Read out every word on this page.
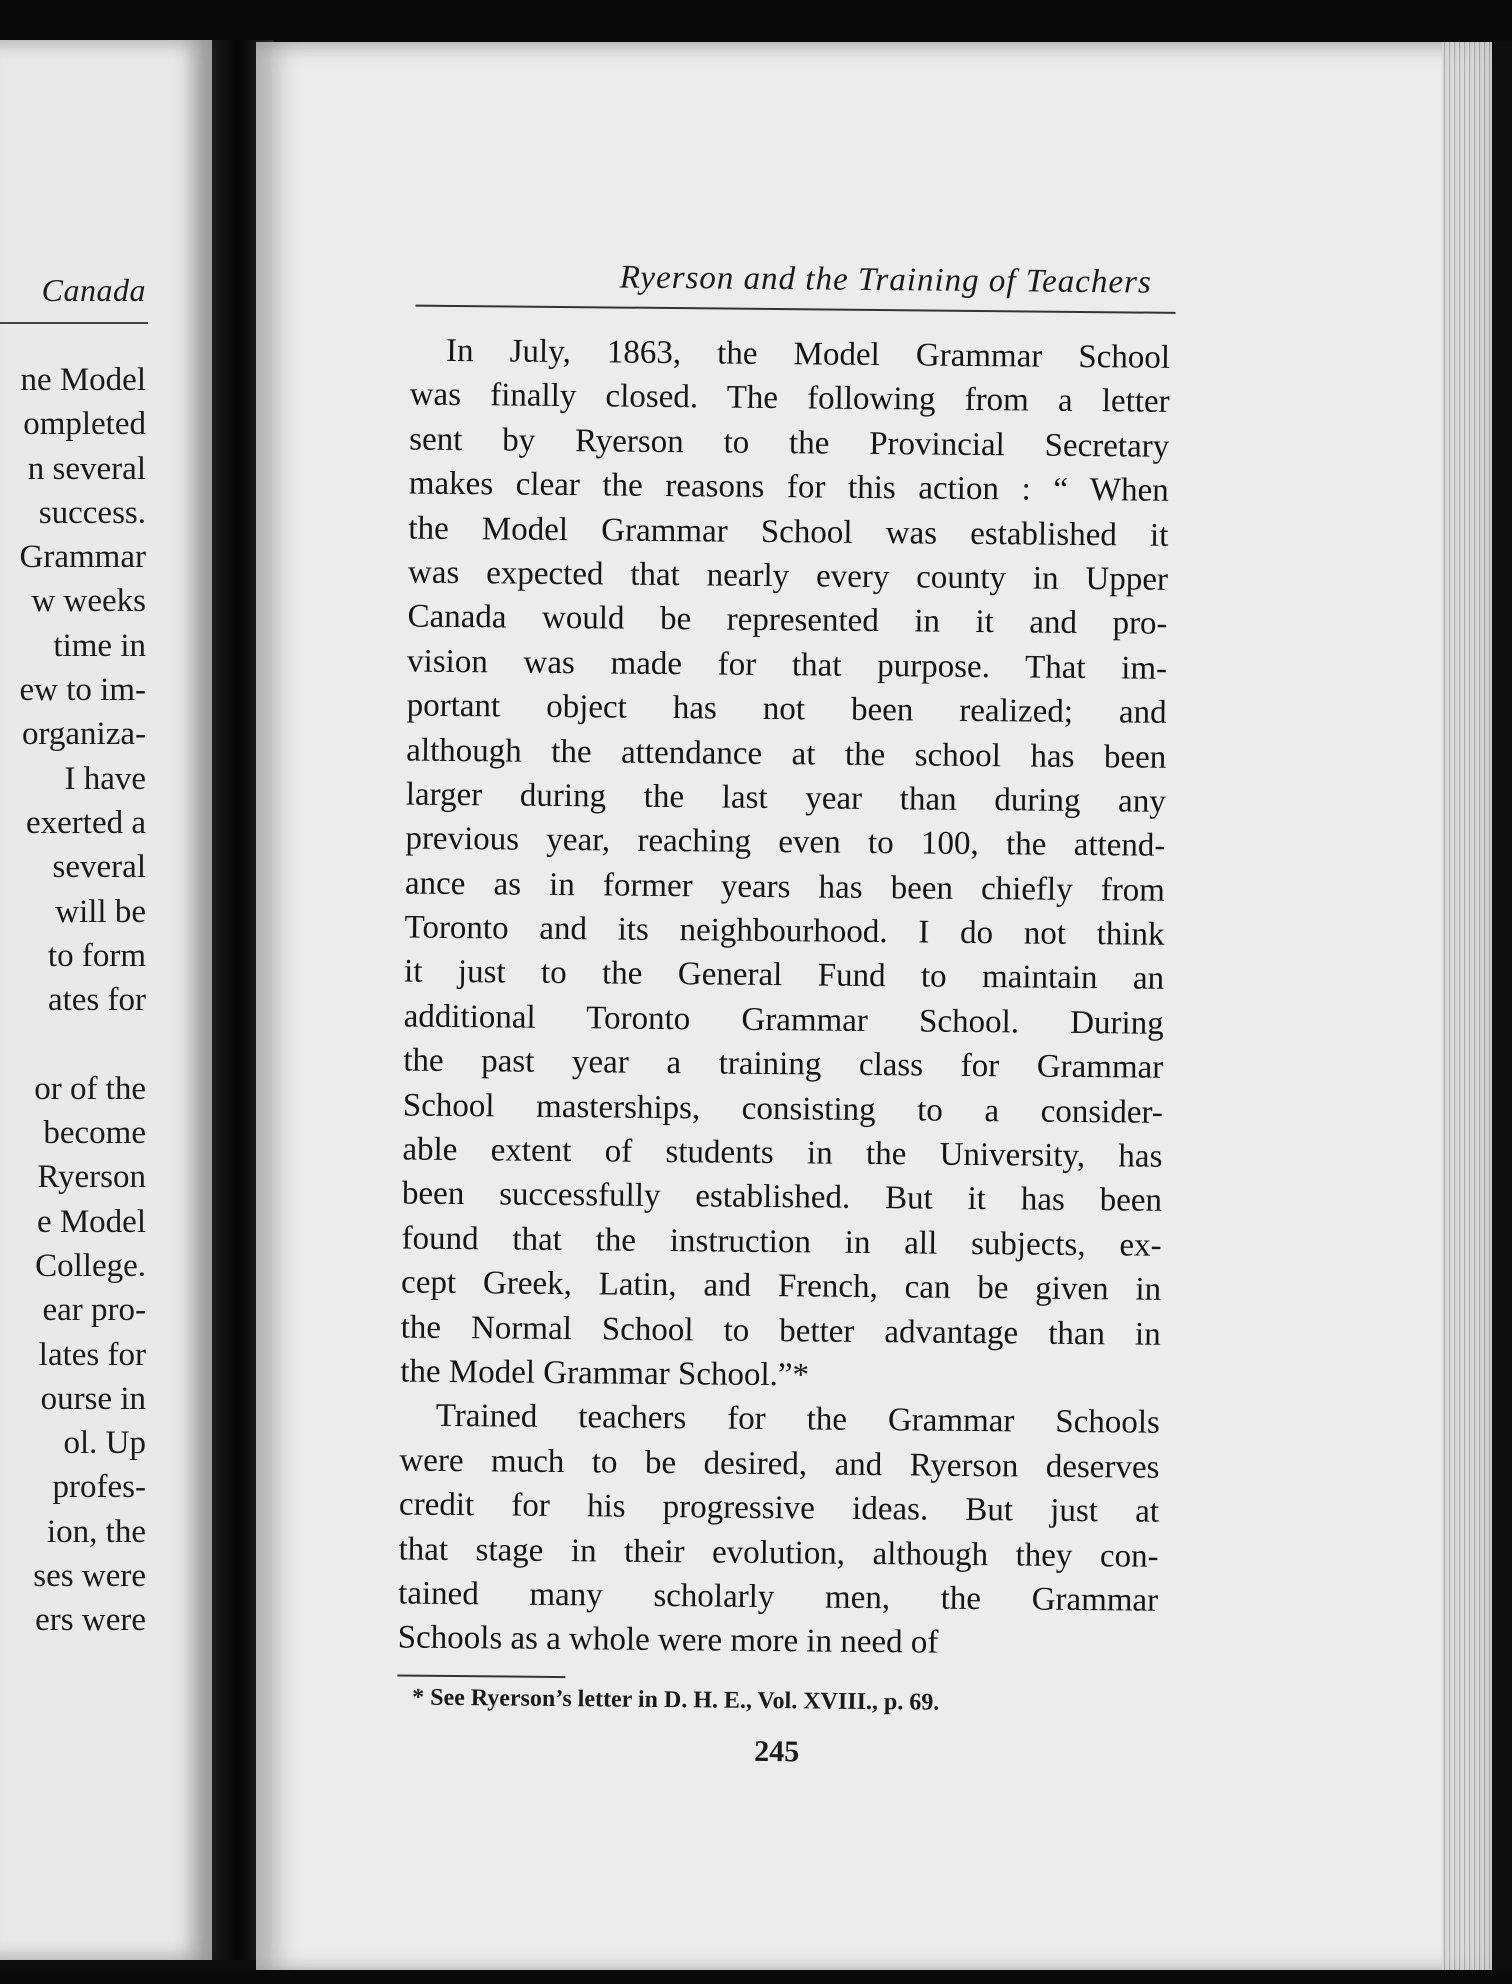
Canada
ne Model
ompleted
n several
success.
Grammar
w weeks
time in
ew to im-
organiza-
I have
exerted a
several
will be
to form
ates for
or of the
become
Ryerson
e Model
College.
ear pro-
lates for
ourse in
ol. Up
profes-
ion, the
ses were
ers were
Ryerson and the Training of Teachers
In July, 1863, the Model Grammar School
was finally closed. The following from a letter
sent by Ryerson to the Provincial Secretary
makes clear the reasons for this action : “ When
the Model Grammar School was established it
was expected that nearly every county in Upper
Canada would be represented in it and pro-
vision was made for that purpose. That im-
portant object has not been realized; and
although the attendance at the school has been
larger during the last year than during any
previous year, reaching even to 100, the attend-
ance as in former years has been chiefly from
Toronto and its neighbourhood. I do not think
it just to the General Fund to maintain an
additional Toronto Grammar School. During
the past year a training class for Grammar
School masterships, consisting to a consider-
able extent of students in the University, has
been successfully established. But it has been
found that the instruction in all subjects, ex-
cept Greek, Latin, and French, can be given in
the Normal School to better advantage than in
the Model Grammar School.”*
Trained teachers for the Grammar Schools
were much to be desired, and Ryerson deserves
credit for his progressive ideas. But just at
that stage in their evolution, although they con-
tained many scholarly men, the Grammar
Schools as a whole were more in need of
* See Ryerson’s letter in D. H. E., Vol. XVIII., p. 69.
245
